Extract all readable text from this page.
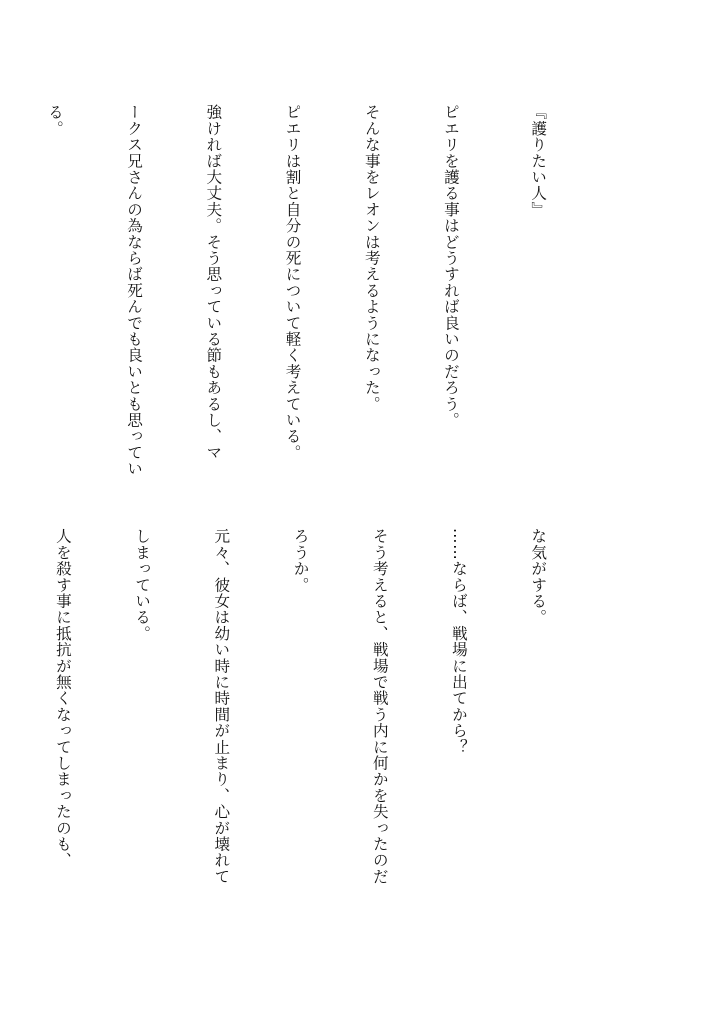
『護りたい人』

ピエリを護る事はどうすれば良いのだろう。

そんな事をレオンは考えるようになった。

ピエリは割と自分の死について軽く考えている。

強ければ大丈夫。そう思っている節もあるし、マ

ークス兄さんの為ならば死んでも良いとも思ってい

る。

な気がする。

……ならば、戦場に出てから？

そう考えると、戦場で戦う内に何かを失ったのだ

ろうか。

元々、彼女は幼い時に時間が止まり、心が壊れて

しまっている。

人を殺す事に抵抗が無くなってしまったのも、
